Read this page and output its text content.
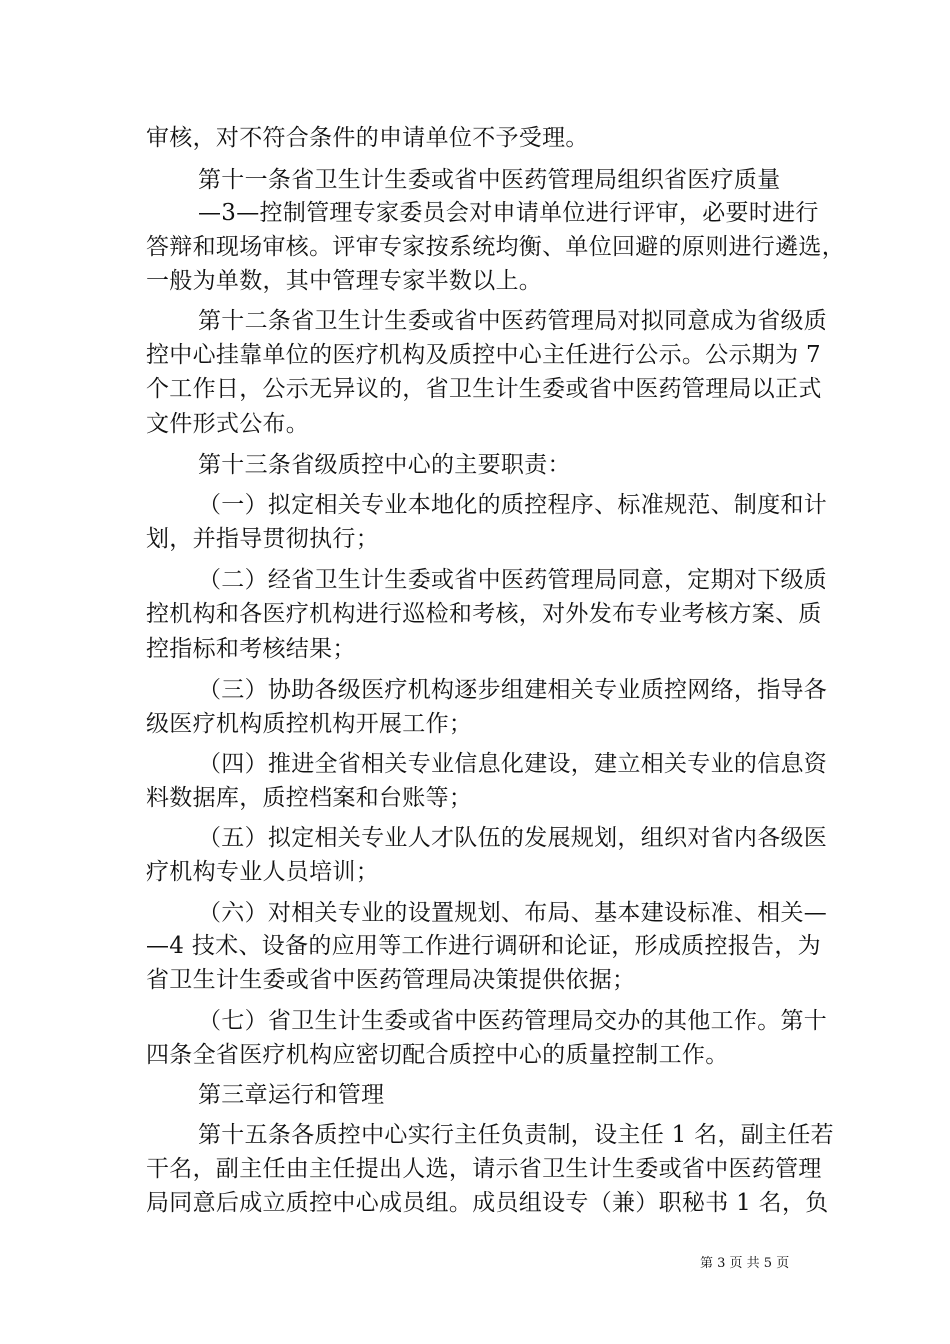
审核，对不符合条件的申请单位不予受理。
第十一条省卫生计生委或省中医药管理局组织省医疗质量
—3—控制管理专家委员会对申请单位进行评审，必要时进行
答辩和现场审核。评审专家按系统均衡、单位回避的原则进行遴选，
一般为单数，其中管理专家半数以上。
第十二条省卫生计生委或省中医药管理局对拟同意成为省级质
控中心挂靠单位的医疗机构及质控中心主任进行公示。公示期为 7
个工作日，公示无异议的，省卫生计生委或省中医药管理局以正式
文件形式公布。
第十三条省级质控中心的主要职责：
（一）拟定相关专业本地化的质控程序、标准规范、制度和计
划，并指导贯彻执行；
（二）经省卫生计生委或省中医药管理局同意，定期对下级质
控机构和各医疗机构进行巡检和考核，对外发布专业考核方案、质
控指标和考核结果；
（三）协助各级医疗机构逐步组建相关专业质控网络，指导各
级医疗机构质控机构开展工作；
（四）推进全省相关专业信息化建设，建立相关专业的信息资
料数据库，质控档案和台账等；
（五）拟定相关专业人才队伍的发展规划，组织对省内各级医
疗机构专业人员培训；
（六）对相关专业的设置规划、布局、基本建设标准、相关—
—4 技术、设备的应用等工作进行调研和论证，形成质控报告，为
省卫生计生委或省中医药管理局决策提供依据；
（七）省卫生计生委或省中医药管理局交办的其他工作。第十
四条全省医疗机构应密切配合质控中心的质量控制工作。
第三章运行和管理
第十五条各质控中心实行主任负责制，设主任 1 名，副主任若
干名，副主任由主任提出人选，请示省卫生计生委或省中医药管理
局同意后成立质控中心成员组。成员组设专（兼）职秘书 1 名，负
第 3 页 共 5 页
